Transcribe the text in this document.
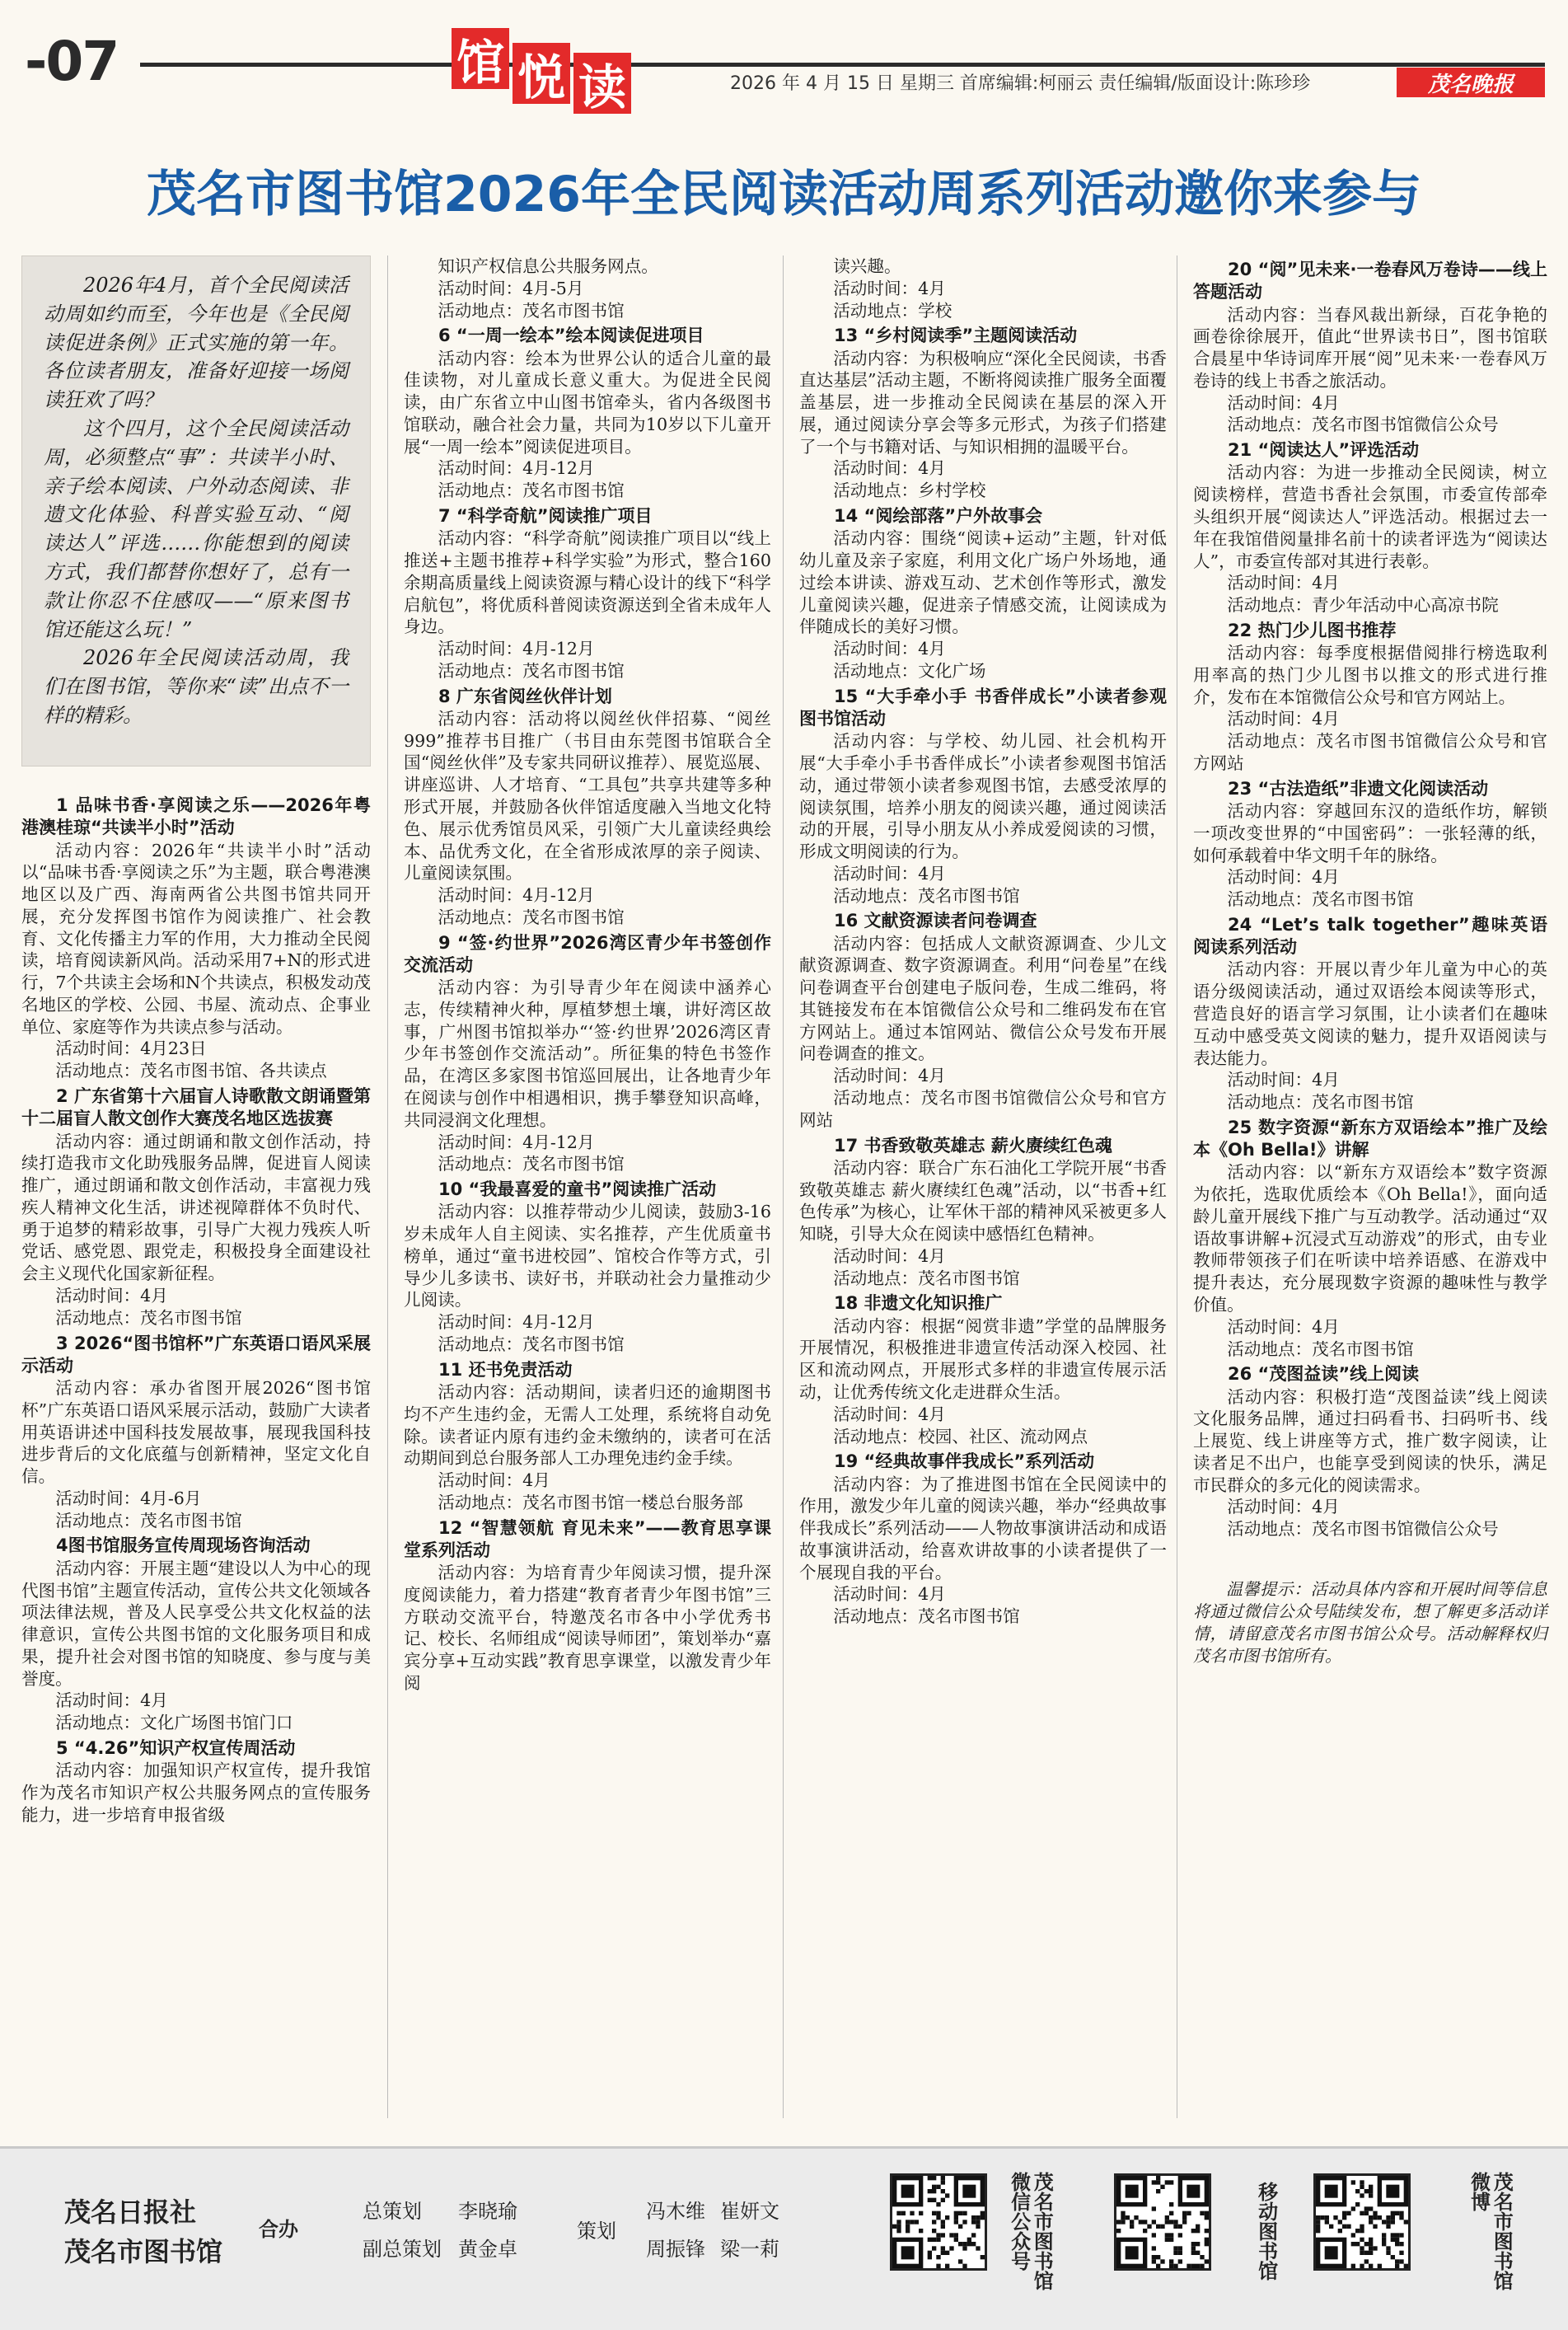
-07	馆 悦 读	2026 年 4 月 15 日 星期三 首席编辑:柯丽云 责任编辑/版面设计:陈珍珍	茂名晚报
茂名市图书馆2026年全民阅读活动周系列活动邀你来参与

2026年4月，首个全民阅读活动周如约而至，今年也是《全民阅读促进条例》正式实施的第一年。各位读者朋友，准备好迎接一场阅读狂欢了吗？

这个四月，这个全民阅读活动周，必须整点“事”：共读半小时、亲子绘本阅读、户外动态阅读、非遗文化体验、科普实验互动、“阅读达人”评选……你能想到的阅读方式，我们都替你想好了，总有一款让你忍不住感叹——“原来图书馆还能这么玩！”

2026年全民阅读活动周，我们在图书馆，等你来“读”出点不一样的精彩。

1 品味书香·享阅读之乐——2026年粤港澳桂琼“共读半小时”活动

活动内容：2026年“共读半小时”活动以“品味书香·享阅读之乐”为主题，联合粤港澳地区以及广西、海南两省公共图书馆共同开展，充分发挥图书馆作为阅读推广、社会教育、文化传播主力军的作用，大力推动全民阅读，培育阅读新风尚。活动采用7+N的形式进行，7个共读主会场和N个共读点，积极发动茂名地区的学校、公园、书屋、流动点、企事业单位、家庭等作为共读点参与活动。

活动时间：4月23日

活动地点：茂名市图书馆、各共读点

2 广东省第十六届盲人诗歌散文朗诵暨第十二届盲人散文创作大赛茂名地区选拔赛

活动内容：通过朗诵和散文创作活动，持续打造我市文化助残服务品牌，促进盲人阅读推广，通过朗诵和散文创作活动，丰富视力残疾人精神文化生活，讲述视障群体不负时代、勇于追梦的精彩故事，引导广大视力残疾人听党话、感党恩、跟党走，积极投身全面建设社会主义现代化国家新征程。

活动时间：4月

活动地点：茂名市图书馆

3 2026“图书馆杯”广东英语口语风采展示活动

活动内容：承办省图开展2026“图书馆杯”广东英语口语风采展示活动，鼓励广大读者用英语讲述中国科技发展故事，展现我国科技进步背后的文化底蕴与创新精神，坚定文化自信。

活动时间：4月-6月

活动地点：茂名市图书馆

4图书馆服务宣传周现场咨询活动

活动内容：开展主题“建设以人为中心的现代图书馆”主题宣传活动，宣传公共文化领域各项法律法规，普及人民享受公共文化权益的法律意识，宣传公共图书馆的文化服务项目和成果，提升社会对图书馆的知晓度、参与度与美誉度。

活动时间：4月

活动地点：文化广场图书馆门口

5 “4.26”知识产权宣传周活动

活动内容：加强知识产权宣传，提升我馆作为茂名市知识产权公共服务网点的宣传服务能力，进一步培育申报省级

知识产权信息公共服务网点。

活动时间：4月-5月

活动地点：茂名市图书馆

6 “一周一绘本”绘本阅读促进项目

活动内容：绘本为世界公认的适合儿童的最佳读物，对儿童成长意义重大。为促进全民阅读，由广东省立中山图书馆牵头，省内各级图书馆联动，融合社会力量，共同为10岁以下儿童开展“一周一绘本”阅读促进项目。

活动时间：4月-12月

活动地点：茂名市图书馆

7 “科学奇航”阅读推广项目

活动内容：“科学奇航”阅读推广项目以“线上推送+主题书推荐+科学实验”为形式，整合160余期高质量线上阅读资源与精心设计的线下“科学启航包”，将优质科普阅读资源送到全省未成年人身边。

活动时间：4月-12月

活动地点：茂名市图书馆

8 广东省阅丝伙伴计划

活动内容：活动将以阅丝伙伴招募、“阅丝999”推荐书目推广（书目由东莞图书馆联合全国“阅丝伙伴”及专家共同研议推荐）、展览巡展、讲座巡讲、人才培育、“工具包”共享共建等多种形式开展，并鼓励各伙伴馆适度融入当地文化特色、展示优秀馆员风采，引领广大儿童读经典绘本、品优秀文化，在全省形成浓厚的亲子阅读、儿童阅读氛围。

活动时间：4月-12月

活动地点：茂名市图书馆

9 “签·约世界”2026湾区青少年书签创作交流活动

活动内容：为引导青少年在阅读中涵养心志，传续精神火种，厚植梦想土壤，讲好湾区故事，广州图书馆拟举办“‘签·约世界’2026湾区青少年书签创作交流活动”。所征集的特色书签作品，在湾区多家图书馆巡回展出，让各地青少年在阅读与创作中相遇相识，携手攀登知识高峰，共同浸润文化理想。

活动时间：4月-12月

活动地点：茂名市图书馆

10 “我最喜爱的童书”阅读推广活动

活动内容：以推荐带动少儿阅读，鼓励3-16岁未成年人自主阅读、实名推荐，产生优质童书榜单，通过“童书进校园”、馆校合作等方式，引导少儿多读书、读好书，并联动社会力量推动少儿阅读。

活动时间：4月-12月

活动地点：茂名市图书馆

11 还书免责活动

活动内容：活动期间，读者归还的逾期图书均不产生违约金，无需人工处理，系统将自动免除。读者证内原有违约金未缴纳的，读者可在活动期间到总台服务部人工办理免违约金手续。

活动时间：4月

活动地点：茂名市图书馆一楼总台服务部

12 “智慧领航 育见未来”——教育思享课堂系列活动

活动内容：为培育青少年阅读习惯，提升深度阅读能力，着力搭建“教育者青少年图书馆”三方联动交流平台，特邀茂名市各中小学优秀书记、校长、名师组成“阅读导师团”，策划举办“嘉宾分享+互动实践”教育思享课堂，以激发青少年阅

读兴趣。

活动时间：4月

活动地点：学校

13 “乡村阅读季”主题阅读活动

活动内容：为积极响应“深化全民阅读，书香直达基层”活动主题，不断将阅读推广服务全面覆盖基层，进一步推动全民阅读在基层的深入开展，通过阅读分享会等多元形式，为孩子们搭建了一个与书籍对话、与知识相拥的温暖平台。

活动时间：4月

活动地点：乡村学校

14 “阅绘部落”户外故事会

活动内容：围绕“阅读+运动”主题，针对低幼儿童及亲子家庭，利用文化广场户外场地，通过绘本讲读、游戏互动、艺术创作等形式，激发儿童阅读兴趣，促进亲子情感交流，让阅读成为伴随成长的美好习惯。

活动时间：4月

活动地点：文化广场

15 “大手牵小手 书香伴成长”小读者参观图书馆活动

活动内容：与学校、幼儿园、社会机构开展“大手牵小手书香伴成长”小读者参观图书馆活动，通过带领小读者参观图书馆，去感受浓厚的阅读氛围，培养小朋友的阅读兴趣，通过阅读活动的开展，引导小朋友从小养成爱阅读的习惯，形成文明阅读的行为。

活动时间：4月

活动地点：茂名市图书馆

16 文献资源读者问卷调查

活动内容：包括成人文献资源调查、少儿文献资源调查、数字资源调查。利用“问卷星”在线问卷调查平台创建电子版问卷，生成二维码，将其链接发布在本馆微信公众号和二维码发布在官方网站上。通过本馆网站、微信公众号发布开展问卷调查的推文。

活动时间：4月

活动地点：茂名市图书馆微信公众号和官方网站

17 书香致敬英雄志 薪火赓续红色魂

活动内容：联合广东石油化工学院开展“书香致敬英雄志 薪火赓续红色魂”活动，以“书香+红色传承”为核心，让军休干部的精神风采被更多人知晓，引导大众在阅读中感悟红色精神。

活动时间：4月

活动地点：茂名市图书馆

18 非遗文化知识推广

活动内容：根据“阅赏非遗”学堂的品牌服务开展情况，积极推进非遗宣传活动深入校园、社区和流动网点，开展形式多样的非遗宣传展示活动，让优秀传统文化走进群众生活。

活动时间：4月

活动地点：校园、社区、流动网点

19 “经典故事伴我成长”系列活动

活动内容：为了推进图书馆在全民阅读中的作用，激发少年儿童的阅读兴趣，举办“经典故事伴我成长”系列活动——人物故事演讲活动和成语故事演讲活动，给喜欢讲故事的小读者提供了一个展现自我的平台。

活动时间：4月

活动地点：茂名市图书馆

20 “阅”见未来·一卷春风万卷诗——线上答题活动

活动内容：当春风裁出新绿，百花争艳的画卷徐徐展开，值此“世界读书日”，图书馆联合晨星中华诗词库开展“阅”见未来·一卷春风万卷诗的线上书香之旅活动。

活动时间：4月

活动地点：茂名市图书馆微信公众号

21 “阅读达人”评选活动

活动内容：为进一步推动全民阅读，树立阅读榜样，营造书香社会氛围，市委宣传部牵头组织开展“阅读达人”评选活动。根据过去一年在我馆借阅量排名前十的读者评选为“阅读达人”，市委宣传部对其进行表彰。

活动时间：4月

活动地点：青少年活动中心高凉书院

22 热门少儿图书推荐

活动内容：每季度根据借阅排行榜选取利用率高的热门少儿图书以推文的形式进行推介，发布在本馆微信公众号和官方网站上。

活动时间：4月

活动地点：茂名市图书馆微信公众号和官方网站

23 “古法造纸”非遗文化阅读活动

活动内容：穿越回东汉的造纸作坊，解锁一项改变世界的“中国密码”：一张轻薄的纸，如何承载着中华文明千年的脉络。

活动时间：4月

活动地点：茂名市图书馆

24 “Let’s talk together”趣味英语阅读系列活动

活动内容：开展以青少年儿童为中心的英语分级阅读活动，通过双语绘本阅读等形式，营造良好的语言学习氛围，让小读者们在趣味互动中感受英文阅读的魅力，提升双语阅读与表达能力。

活动时间：4月

活动地点：茂名市图书馆

25 数字资源“新东方双语绘本”推广及绘本《Oh Bella!》讲解

活动内容：以“新东方双语绘本”数字资源为依托，选取优质绘本《Oh Bella!》，面向适龄儿童开展线下推广与互动教学。活动通过“双语故事讲解+沉浸式互动游戏”的形式，由专业教师带领孩子们在听读中培养语感、在游戏中提升表达，充分展现数字资源的趣味性与教学价值。

活动时间：4月

活动地点：茂名市图书馆

26 “茂图益读”线上阅读

活动内容：积极打造“茂图益读”线上阅读文化服务品牌，通过扫码看书、扫码听书、线上展览、线上讲座等方式，推广数字阅读，让读者足不出户，也能享受到阅读的快乐，满足市民群众的多元化的阅读需求。

活动时间：4月

活动地点：茂名市图书馆微信公众号

温馨提示：活动具体内容和开展时间等信息将通过微信公众号陆续发布，想了解更多活动详情，请留意茂名市图书馆公众号。活动解释权归茂名市图书馆所有。

茂名日报社
茂名市图书馆
合办
总策划 李晓瑜
副总策划 黄金卓
策划
冯木维 崔妍文
周振锋 梁一莉	茂名市图书馆
微信公众号	移动图书馆	茂名市图书馆
微博
